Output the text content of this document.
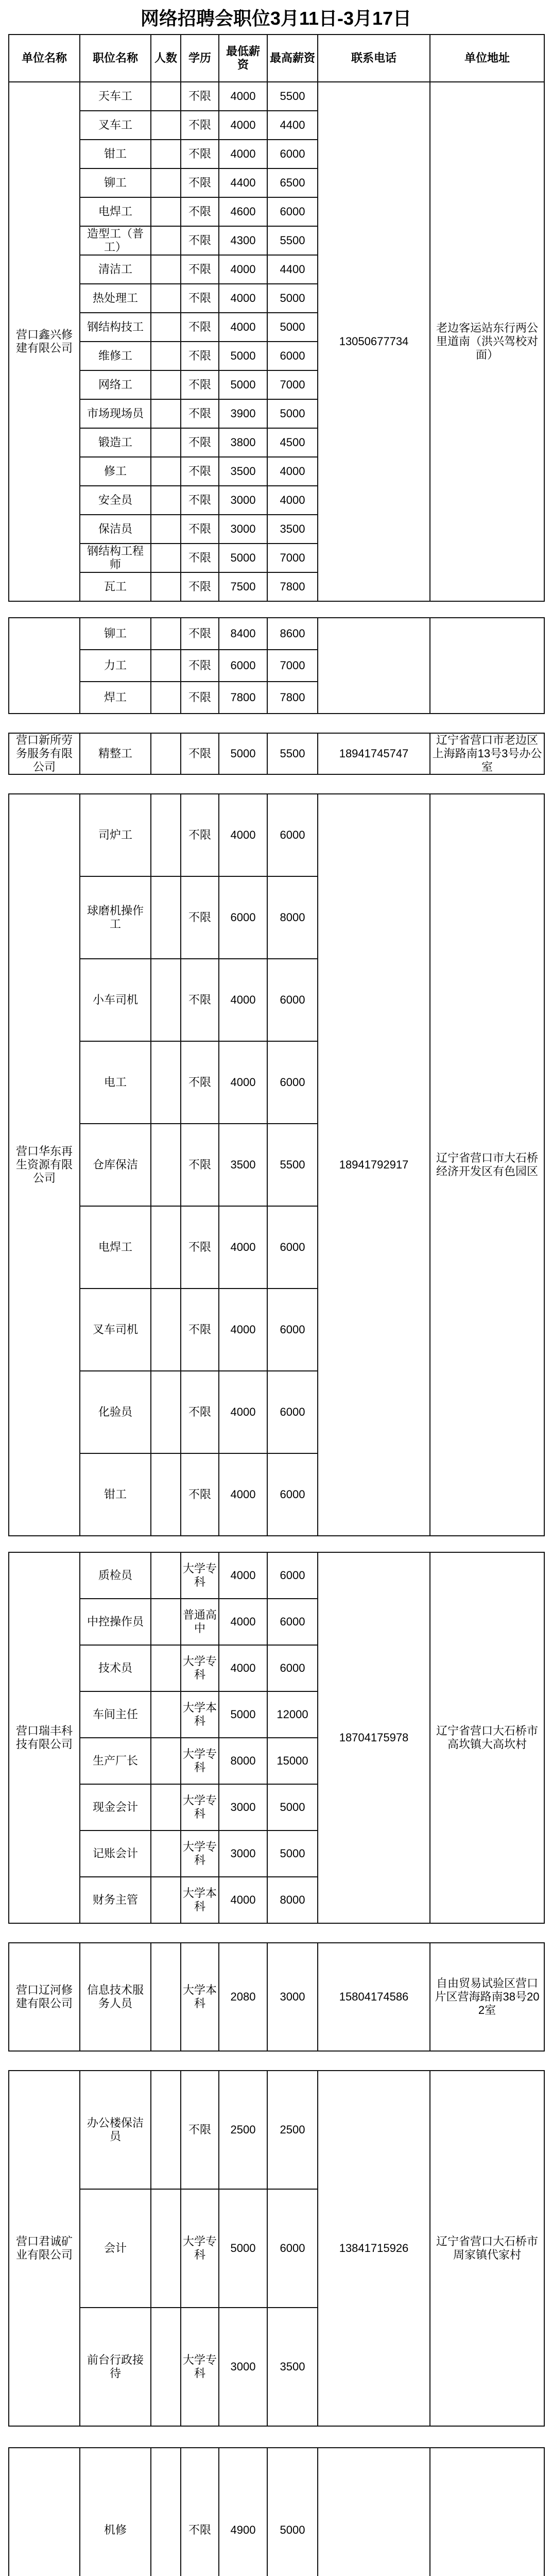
网络招聘会职位3月11日-3月17日
单位名称	职位名称	人数	学历	最低薪资	最高薪资	联系电话	单位地址
营口鑫兴修建有限公司	天车工		不限	4000	5500	13050677734	老边客运站东行两公里道南（洪兴驾校对面）
	叉车工		不限	4000	4400		
	钳工		不限	4000	6000		
	铆工		不限	4400	6500		
	电焊工		不限	4600	6000		
	造型工（普工）		不限	4300	5500		
	清洁工		不限	4000	4400		
	热处理工		不限	4000	5000		
	钢结构技工		不限	4000	5000		
	维修工		不限	5000	6000		
	网络工		不限	5000	7000		
	市场现场员		不限	3900	5000		
	锻造工		不限	3800	4500		
	修工		不限	3500	4000		
	安全员		不限	3000	4000		
	保洁员		不限	3000	3500		
	钢结构工程师		不限	5000	7000		
	瓦工		不限	7500	7800		

	铆工		不限	8400	8600		
	力工		不限	6000	7000		
	焊工		不限	7800	7800		

营口新所劳务服务有限公司	精整工		不限	5000	5500	18941745747	辽宁省营口市老边区上海路南13号3号办公室

营口华东再生资源有限公司	司炉工		不限	4000	6000	18941792917	辽宁省营口市大石桥经济开发区有色园区
	球磨机操作工		不限	6000	8000		
	小车司机		不限	4000	6000		
	电工		不限	4000	6000		
	仓库保洁		不限	3500	5500		
	电焊工		不限	4000	6000		
	叉车司机		不限	4000	6000		
	化验员		不限	4000	6000		
	钳工		不限	4000	6000		

营口瑞丰科技有限公司	质检员		大学专科	4000	6000	18704175978	辽宁省营口大石桥市高坎镇大高坎村
	中控操作员		普通高中	4000	6000		
	技术员		大学专科	4000	6000		
	车间主任		大学本科	5000	12000		
	生产厂长		大学专科	8000	15000		
	现金会计		大学专科	3000	5000		
	记账会计		大学专科	3000	5000		
	财务主管		大学本科	4000	8000		

营口辽河修建有限公司	信息技术服务人员		大学本科	2080	3000	15804174586	自由贸易试验区营口片区营海路南38号202室

营口君诚矿业有限公司	办公楼保洁员		不限	2500	2500	13841715926	辽宁省营口大石桥市周家镇代家村
	会计		大学专科	5000	6000		
	前台行政接待		大学专科	3000	3500		

	机修		不限	4900	5000		
